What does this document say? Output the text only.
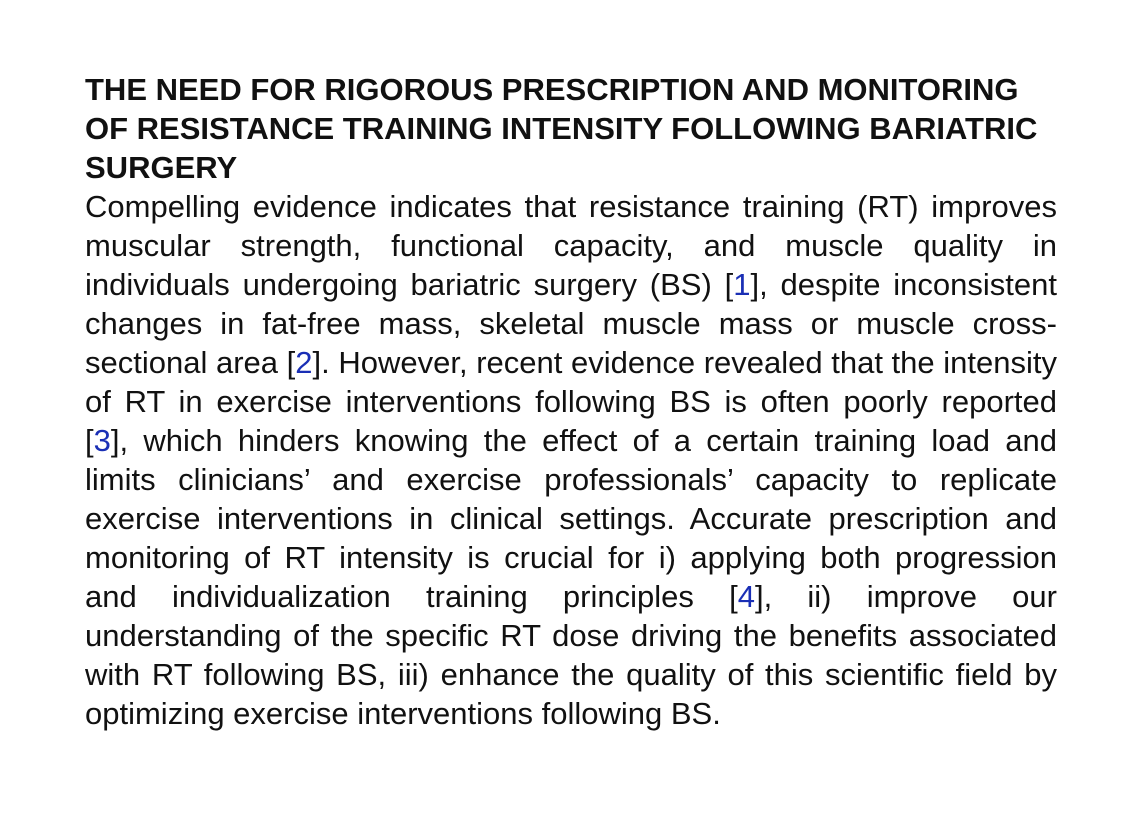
THE NEED FOR RIGOROUS PRESCRIPTION AND MONITORING OF RESISTANCE TRAINING INTENSITY FOLLOWING BARIATRIC SURGERY

Compelling evidence indicates that resistance training (RT) improves muscular strength, functional capacity, and muscle quality in individuals undergoing bariatric surgery (BS) [1], despite inconsistent changes in fat-free mass, skeletal muscle mass or muscle cross-sectional area [2]. However, recent evidence revealed that the intensity of RT in exercise interventions following BS is often poorly reported [3], which hinders knowing the effect of a certain training load and limits clinicians’ and exercise professionals’ capacity to replicate exercise interventions in clinical settings. Accurate prescription and monitoring of RT intensity is crucial for i) applying both progression and individualization training principles [4], ii) improve our understanding of the specific RT dose driving the benefits associated with RT following BS, iii) enhance the quality of this scientific field by optimizing exercise interventions following BS.
